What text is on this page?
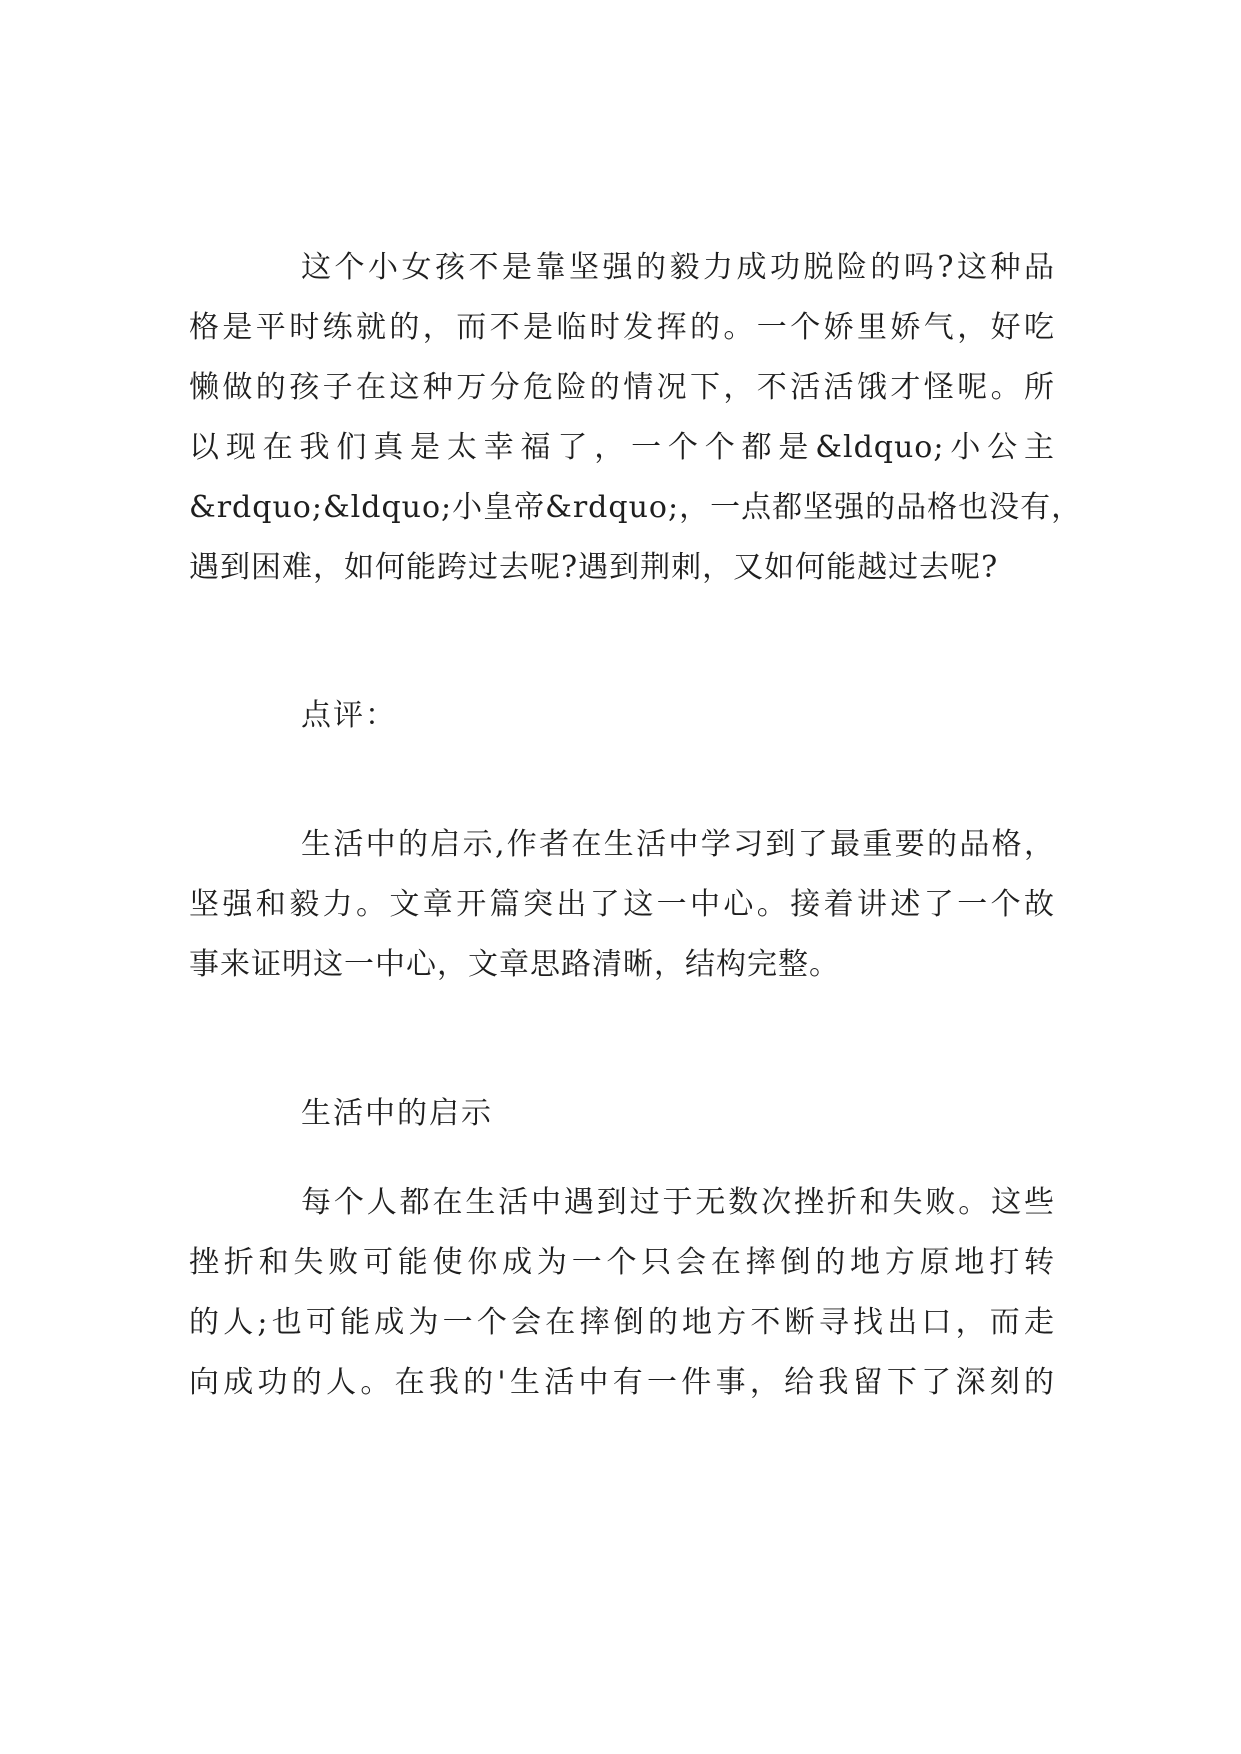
这个小女孩不是靠坚强的毅力成功脱险的吗?这种品
格是平时练就的，而不是临时发挥的。一个娇里娇气，好吃
懒做的孩子在这种万分危险的情况下，不活活饿才怪呢。所
以现在我们真是太幸福了，一个个都是&ldquo;小公主
&rdquo;&ldquo;小皇帝&rdquo;，一点都坚强的品格也没有，
遇到困难，如何能跨过去呢?遇到荆刺，又如何能越过去呢?
点评：
生活中的启示,作者在生活中学习到了最重要的品格，
坚强和毅力。文章开篇突出了这一中心。接着讲述了一个故
事来证明这一中心，文章思路清晰，结构完整。
生活中的启示
每个人都在生活中遇到过于无数次挫折和失败。这些
挫折和失败可能使你成为一个只会在摔倒的地方原地打转
的人;也可能成为一个会在摔倒的地方不断寻找出口，而走
向成功的人。在我的'生活中有一件事，给我留下了深刻的
